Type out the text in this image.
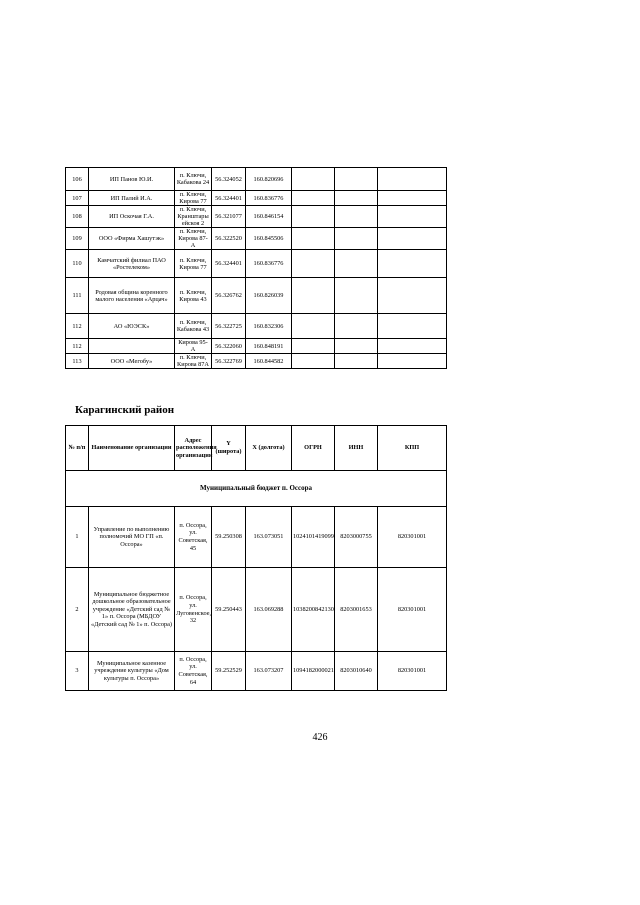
106	ИП Панов Ю.И.	п. Ключи, Кабакова 24	56.324052	160.820696			
107	ИП Палий И.А.	п. Ключи, Кирова 77	56.324401	160.836776			
108	ИП Оскочая Г.А.	п. Ключи, Кранштары ейскоя 2	56.321077	160.846154			
109	ООО «Фирма Хашутэк»	п. Ключи, Кирова 87-А	56.322520	160.845506			
110	Камчатский филиал ПАО «Ростелеком»	п. Ключи, Кирова 77	56.324401	160.836776			
111	Родовая община коренного малого населения «Арцач»	п. Ключи, Кирова 43	56.326762	160.826039			
112	АО «ЮЭСК»	п. Ключи, Кабакова 43	56.322725	160.832306			
112		Кирова 95-А	56.322060	160.848191			
113	ООО «Мегобу»	п. Ключи, Кирова 87А	56.322769	160.844582			
Карагинский район
№ п/п	Наименование организации	Адрес расположения организации	Y (широта)	X (долгота)	ОГРН	ИНН	КПП
Муниципальный бюджет п. Оссора							
1	Управление по выполнению полномочий МО ГП «п. Оссора»	п. Оссора, ул. Советская, 45	59.250308	163.073051	1024101419099	8203000755	820301001
2	Муниципальное бюджетное дошкольное образовательное учреждение «Детский сад № 1» п. Оссора (МБДОУ «Детский сад № 1» п. Оссора)	п. Оссора, ул. Луговенское, 32	59.250443	163.069288	1038200842130	8203001653	820301001
3	Муниципальное казенное учреждение культуры «Дом культуры п. Оссора»	п. Оссора, ул. Советская, 64	59.252529	163.073207	1094182000021	8203010640	820301001
426
